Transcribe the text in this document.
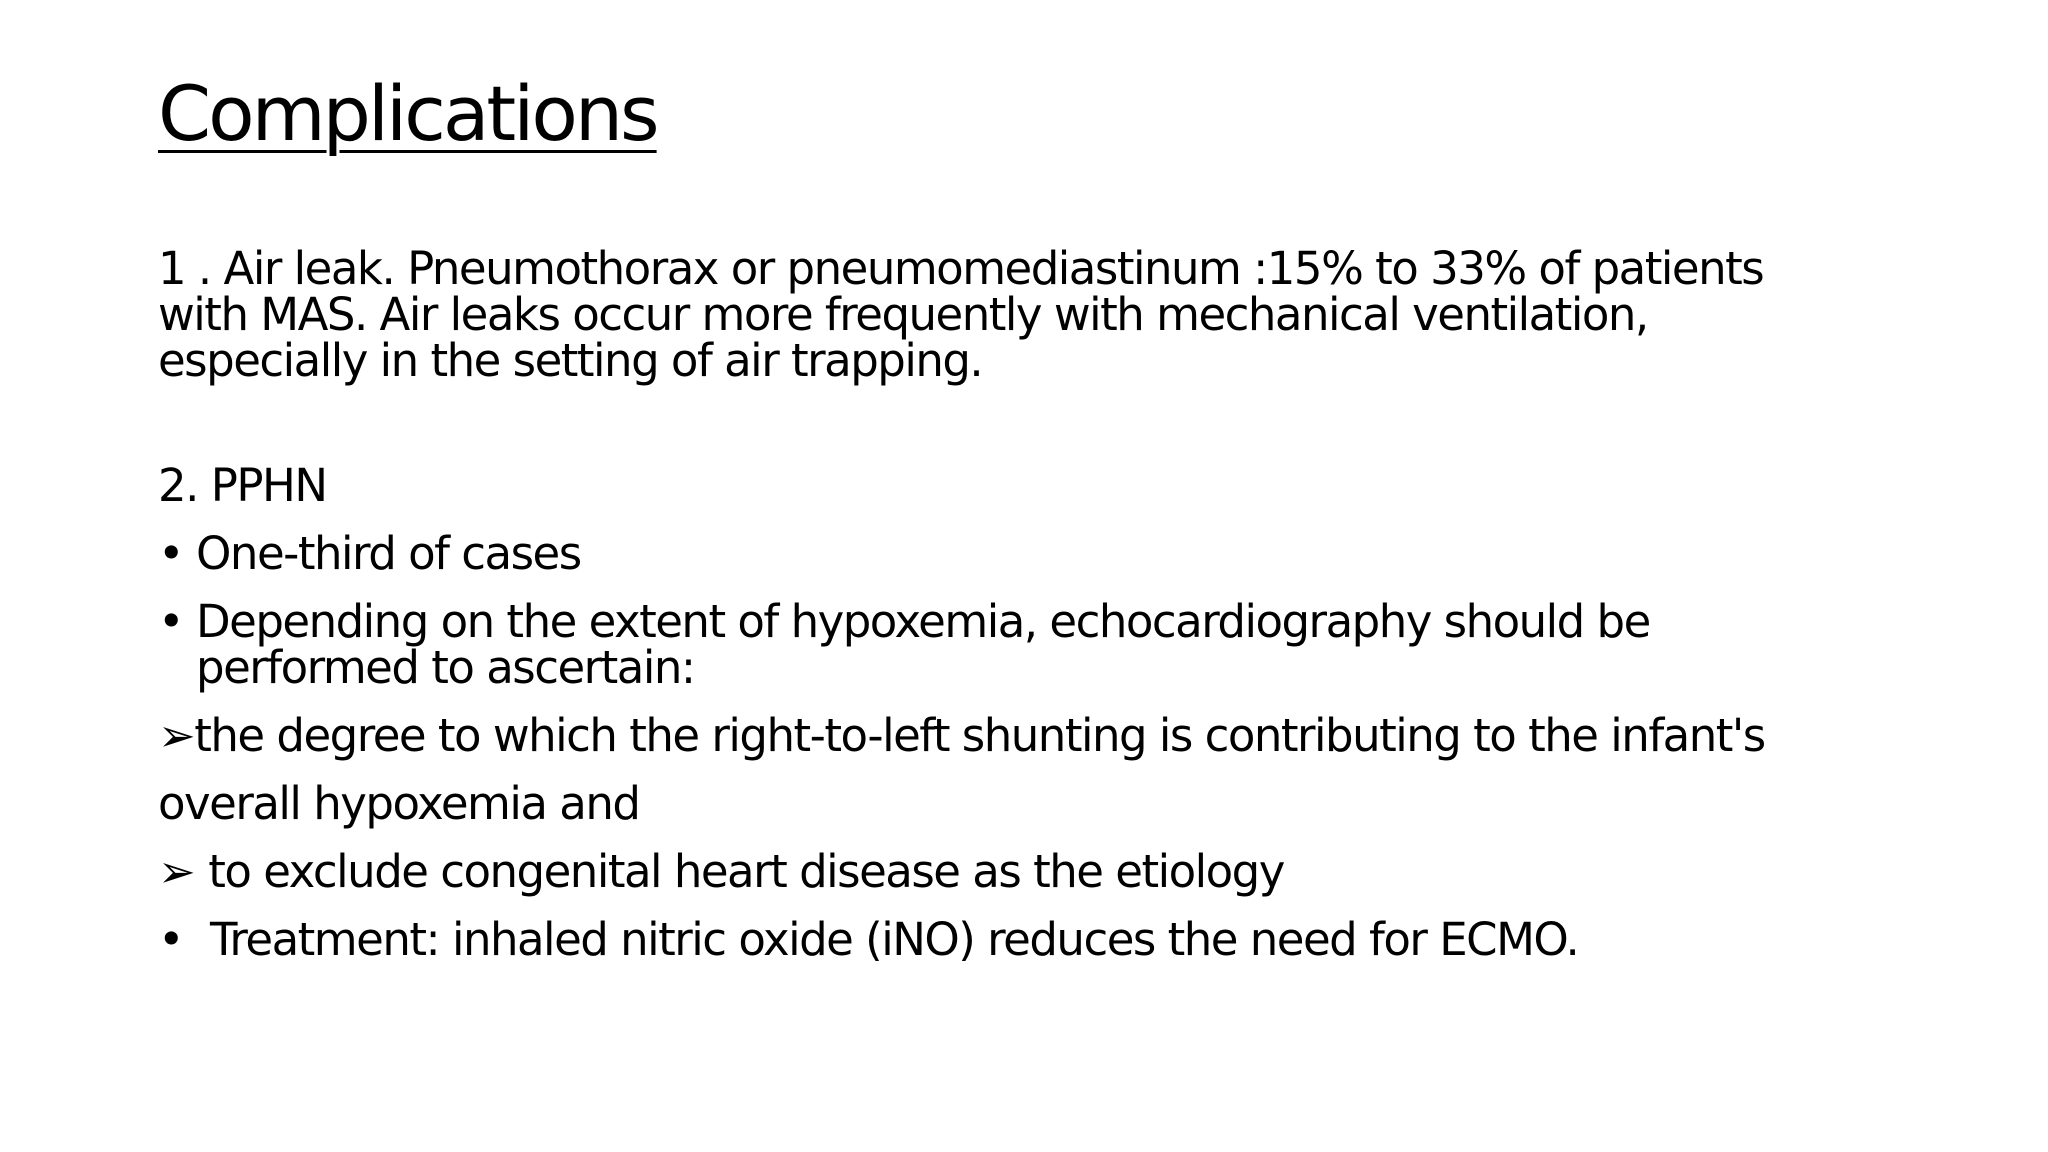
Complications

1 . Air leak. Pneumothorax or pneumomediastinum :15% to 33% of patients

with MAS. Air leaks occur more frequently with mechanical ventilation,

especially in the setting of air trapping.

2. PPHN

• One-third of cases
• Depending on the extent of hypoxemia, echocardiography should be
performed to ascertain:

➢the degree to which the right-to-left shunting is contributing to the infant's

overall hypoxemia and

➢ to exclude congenital heart disease as the etiology

• Treatment: inhaled nitric oxide (iNO) reduces the need for ECMO.
